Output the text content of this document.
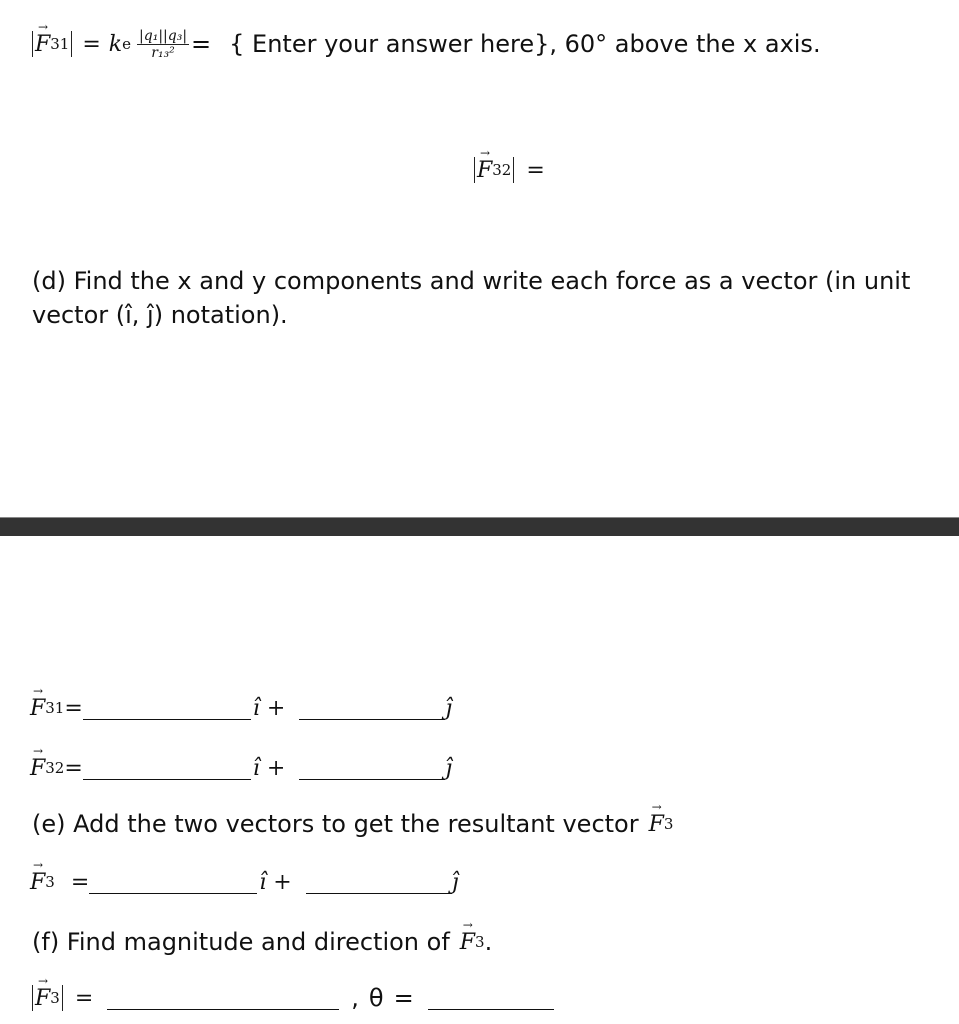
→ F 31 = k e $\frac{\text{|q₁||q₃|}}{\text{r₁₃²}}$ = { Enter your answer here} , 60° above the x axis.
→ F 32 =
(d) Find the x and y components and write each force as a vector (in unit
vector (ı̂, ȷ̂) notation).
→ F 31 =	ı̂ +	ȷ̂
→ F 32 =	ı̂ +	ȷ̂
(e) Add the two vectors to get the resultant vector → F 3
→ F 3 =	ı̂ +	ȷ̂
(f) Find magnitude and direction of → F 3 .
→ F 3 =	, θ =
